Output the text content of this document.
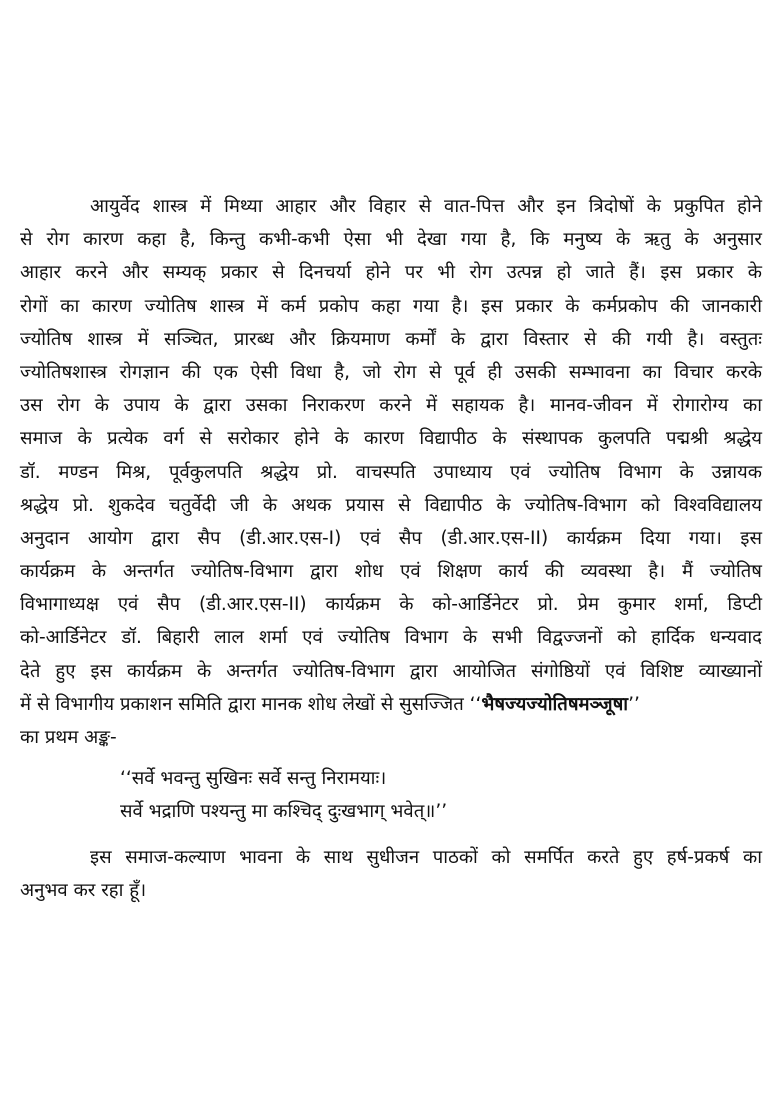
आयुर्वेद शास्त्र में मिथ्या आहार और विहार से वात-पित्त और इन त्रिदोषों के प्रकुपित होने
से रोग कारण कहा है, किन्तु कभी-कभी ऐसा भी देखा गया है, कि मनुष्य के ऋतु के अनुसार
आहार करने और सम्यक् प्रकार से दिनचर्या होने पर भी रोग उत्पन्न हो जाते हैं। इस प्रकार के
रोगों का कारण ज्योतिष शास्त्र में कर्म प्रकोप कहा गया है। इस प्रकार के कर्मप्रकोप की जानकारी
ज्योतिष शास्त्र में सञ्चित, प्रारब्ध और क्रियमाण कर्मों के द्वारा विस्तार से की गयी है। वस्तुतः
ज्योतिषशास्त्र रोगज्ञान की एक ऐसी विधा है, जो रोग से पूर्व ही उसकी सम्भावना का विचार करके
उस रोग के उपाय के द्वारा उसका निराकरण करने में सहायक है। मानव-जीवन में रोगारोग्य का
समाज के प्रत्येक वर्ग से सरोकार होने के कारण विद्यापीठ के संस्थापक कुलपति पद्मश्री श्रद्धेय
डॉ. मण्डन मिश्र, पूर्वकुलपति श्रद्धेय प्रो. वाचस्पति उपाध्याय एवं ज्योतिष विभाग के उन्नायक
श्रद्धेय प्रो. शुकदेव चतुर्वेदी जी के अथक प्रयास से विद्यापीठ के ज्योतिष-विभाग को विश्वविद्यालय
अनुदान आयोग द्वारा सैप (डी.आर.एस-I) एवं सैप (डी.आर.एस-II) कार्यक्रम दिया गया। इस
कार्यक्रम के अन्तर्गत ज्योतिष-विभाग द्वारा शोध एवं शिक्षण कार्य की व्यवस्था है। मैं ज्योतिष
विभागाध्यक्ष एवं सैप (डी.आर.एस-II) कार्यक्रम के को-आर्डिनेटर प्रो. प्रेम कुमार शर्मा, डिप्टी
को-आर्डिनेटर डॉ. बिहारी लाल शर्मा एवं ज्योतिष विभाग के सभी विद्वज्जनों को हार्दिक धन्यवाद
देते हुए इस कार्यक्रम के अन्तर्गत ज्योतिष-विभाग द्वारा आयोजित संगोष्ठियों एवं विशिष्ट व्याख्यानों
में से विभागीय प्रकाशन समिति द्वारा मानक शोध लेखों से सुसज्जित ‘‘भैषज्यज्योतिषमञ्जूषा’’
का प्रथम अङ्क-
‘‘सर्वे भवन्तु सुखिनः सर्वे सन्तु निरामयाः।
सर्वे भद्राणि पश्यन्तु मा कश्चिद् दुःखभाग् भवेत्॥’’
इस समाज-कल्याण भावना के साथ सुधीजन पाठकों को समर्पित करते हुए हर्ष-प्रकर्ष का
अनुभव कर रहा हूँ।
